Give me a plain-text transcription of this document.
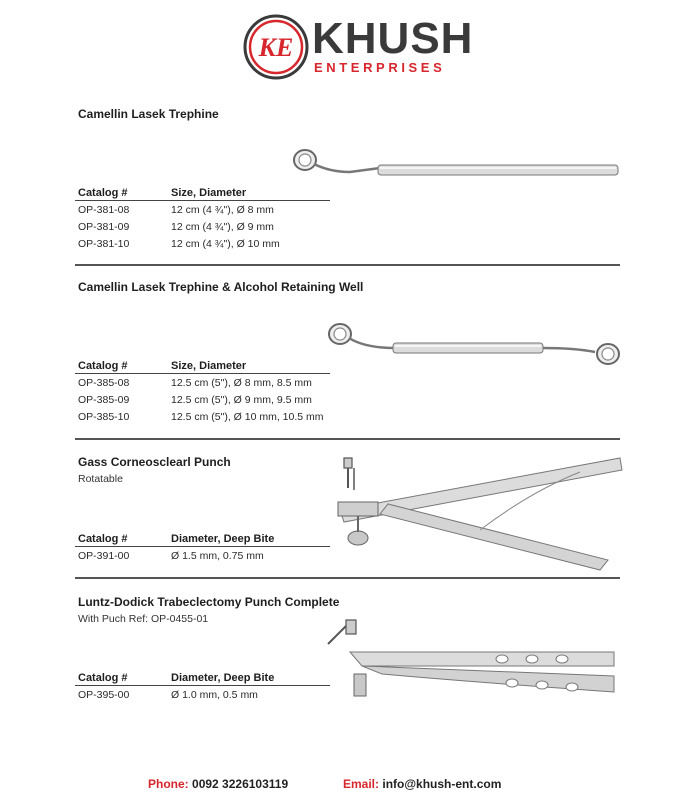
KE KHUSH
ENTERPRISES
Camellin Lasek Trephine
Catalog #	Size, Diameter
OP-381-08	12 cm (4 ¾"), Ø 8 mm
OP-381-09	12 cm (4 ¾"), Ø 9 mm
OP-381-10	12 cm (4 ¾"), Ø 10 mm
Camellin Lasek Trephine & Alcohol Retaining Well
Catalog #	Size, Diameter
OP-385-08	12.5 cm (5"), Ø 8 mm, 8.5 mm
OP-385-09	12.5 cm (5"), Ø 9 mm, 9.5 mm
OP-385-10	12.5 cm (5"), Ø 10 mm, 10.5 mm
Gass Corneosclearl Punch
Rotatable
Catalog #	Diameter, Deep Bite
OP-391-00	Ø 1.5 mm, 0.75 mm
Luntz-Dodick Trabeclectomy Punch Complete
With Puch Ref: OP-0455-01
Catalog #	Diameter, Deep Bite
OP-395-00	Ø 1.0 mm, 0.5 mm
Phone: 0092 3226103119	Email: info@khush-ent.com
